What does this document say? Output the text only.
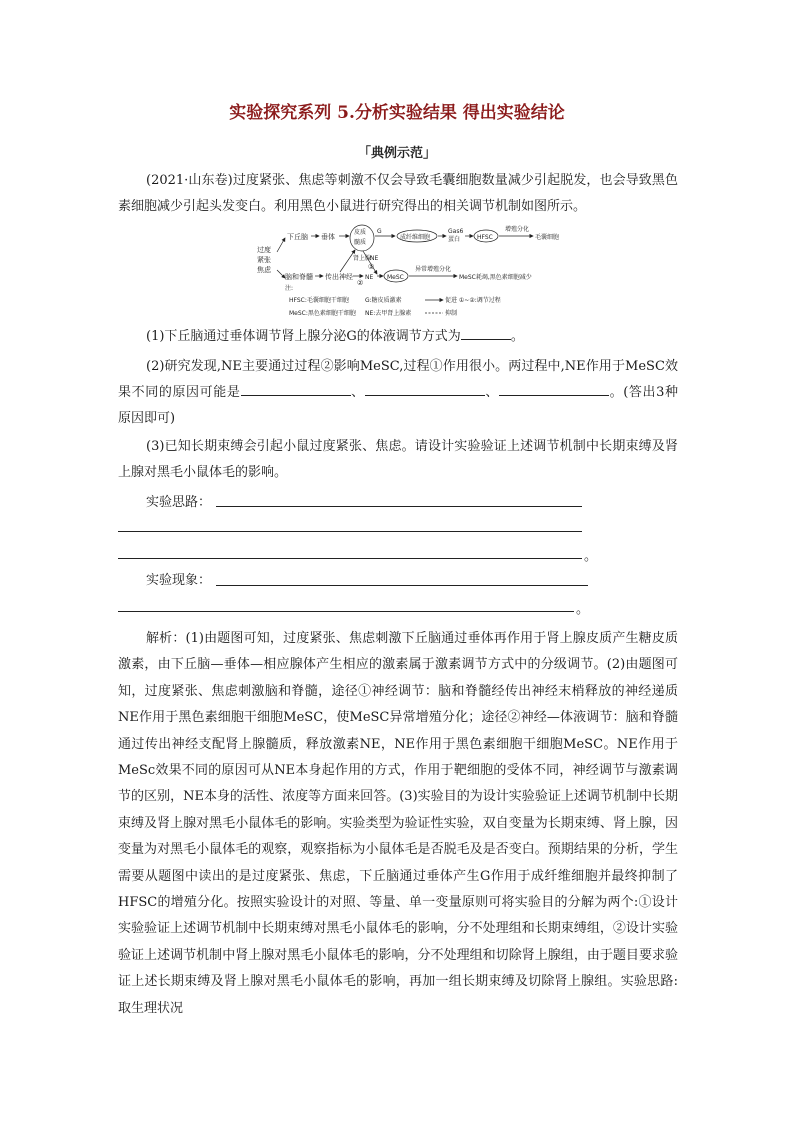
实验探究系列 5.分析实验结果 得出实验结论
「典例示范」
(2021·山东卷)过度紧张、焦虑等刺激不仅会导致毛囊细胞数量减少引起脱发，也会导致黑色素细胞减少引起头发变白。利用黑色小鼠进行研究得出的相关调节机制如图所示。
过度
紧张
焦虑
下丘脑 垂体
皮质
髓质
G
成纤维细胞
Gas6
蛋白	HFSC
增殖分化
毛囊细胞
肾上腺
NE
①
②
脑和脊髓 传出神经 NE MeSC
异常增殖分化
MeSC耗竭,黑色素细胞减少
注:
HFSC:毛囊细胞干细胞	G:糖皮质激素	促进 ①~②:调节过程
MeSC:黑色素细胞干细胞 NE:去甲肾上腺素	抑制
(1)下丘脑通过垂体调节肾上腺分泌G的体液调节方式为	。
(2)研究发现,NE主要通过过程②影响MeSC,过程①作用很小。两过程中,NE作用于MeSC效果不同的原因可能是	、	、	。(答出3种原因即可)
(3)已知长期束缚会引起小鼠过度紧张、焦虑。请设计实验验证上述调节机制中长期束缚及肾上腺对黑毛小鼠体毛的影响。
实验思路：
。
实验现象：
。
解析：(1)由题图可知，过度紧张、焦虑刺激下丘脑通过垂体再作用于肾上腺皮质产生糖皮质激素，由下丘脑—垂体—相应腺体产生相应的激素属于激素调节方式中的分级调节。(2)由题图可知，过度紧张、焦虑刺激脑和脊髓，途径①神经调节：脑和脊髓经传出神经末梢释放的神经递质NE作用于黑色素细胞干细胞MeSC，使MeSC异常增殖分化；途径②神经—体液调节：脑和脊髓通过传出神经支配肾上腺髓质，释放激素NE，NE作用于黑色素细胞干细胞MeSC。NE作用于MeSc效果不同的原因可从NE本身起作用的方式，作用于靶细胞的受体不同，神经调节与激素调节的区别，NE本身的活性、浓度等方面来回答。(3)实验目的为设计实验验证上述调节机制中长期束缚及肾上腺对黑毛小鼠体毛的影响。实验类型为验证性实验，双自变量为长期束缚、肾上腺，因变量为对黑毛小鼠体毛的观察，观察指标为小鼠体毛是否脱毛及是否变白。预期结果的分析，学生需要从题图中读出的是过度紧张、焦虑，下丘脑通过垂体产生G作用于成纤维细胞并最终抑制了HFSC的增殖分化。按照实验设计的对照、等量、单一变量原则可将实验目的分解为两个:①设计实验验证上述调节机制中长期束缚对黑毛小鼠体毛的影响，分不处理组和长期束缚组，②设计实验验证上述调节机制中肾上腺对黑毛小鼠体毛的影响，分不处理组和切除肾上腺组，由于题目要求验证上述长期束缚及肾上腺对黑毛小鼠体毛的影响，再加一组长期束缚及切除肾上腺组。实验思路:取生理状况
